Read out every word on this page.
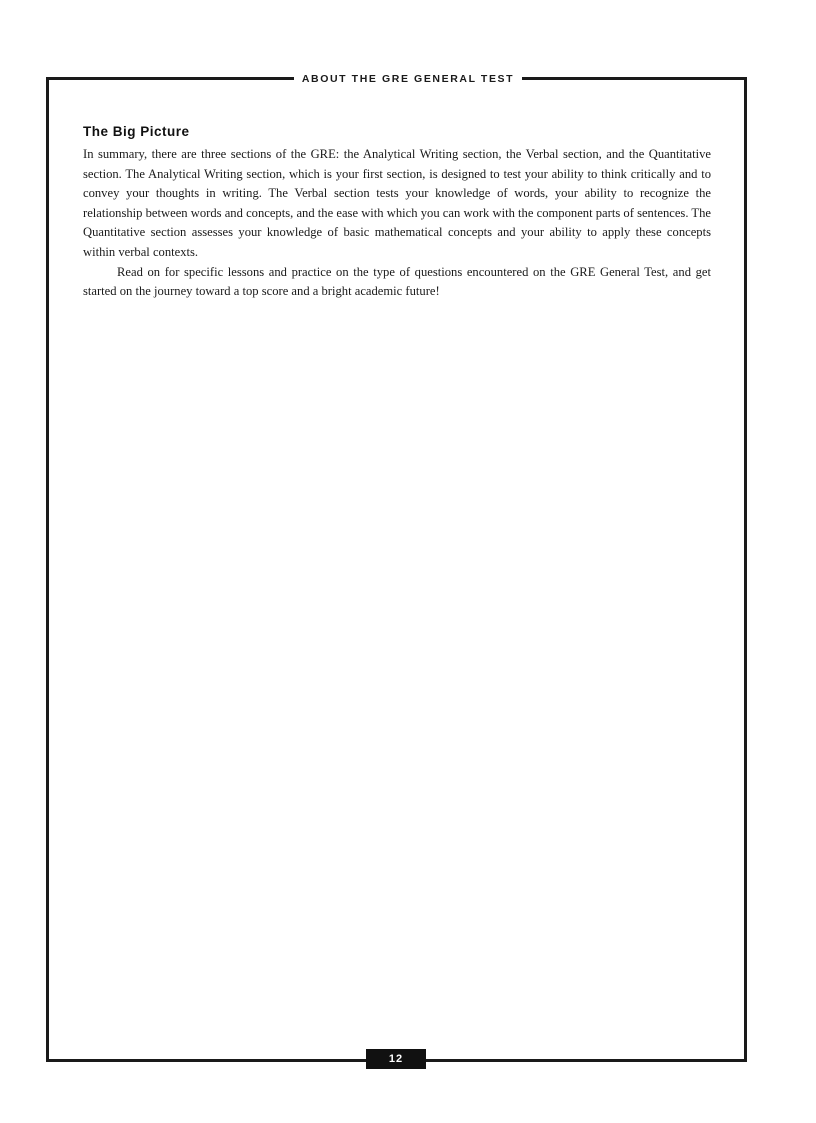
ABOUT THE GRE GENERAL TEST
The Big Picture

In summary, there are three sections of the GRE: the Analytical Writing section, the Verbal section, and the Quantitative section. The Analytical Writing section, which is your first section, is designed to test your ability to think critically and to convey your thoughts in writing. The Verbal section tests your knowledge of words, your ability to recognize the relationship between words and concepts, and the ease with which you can work with the component parts of sentences. The Quantitative section assesses your knowledge of basic mathematical concepts and your ability to apply these concepts within verbal contexts.

Read on for specific lessons and practice on the type of questions encountered on the GRE General Test, and get started on the journey toward a top score and a bright academic future!

12
